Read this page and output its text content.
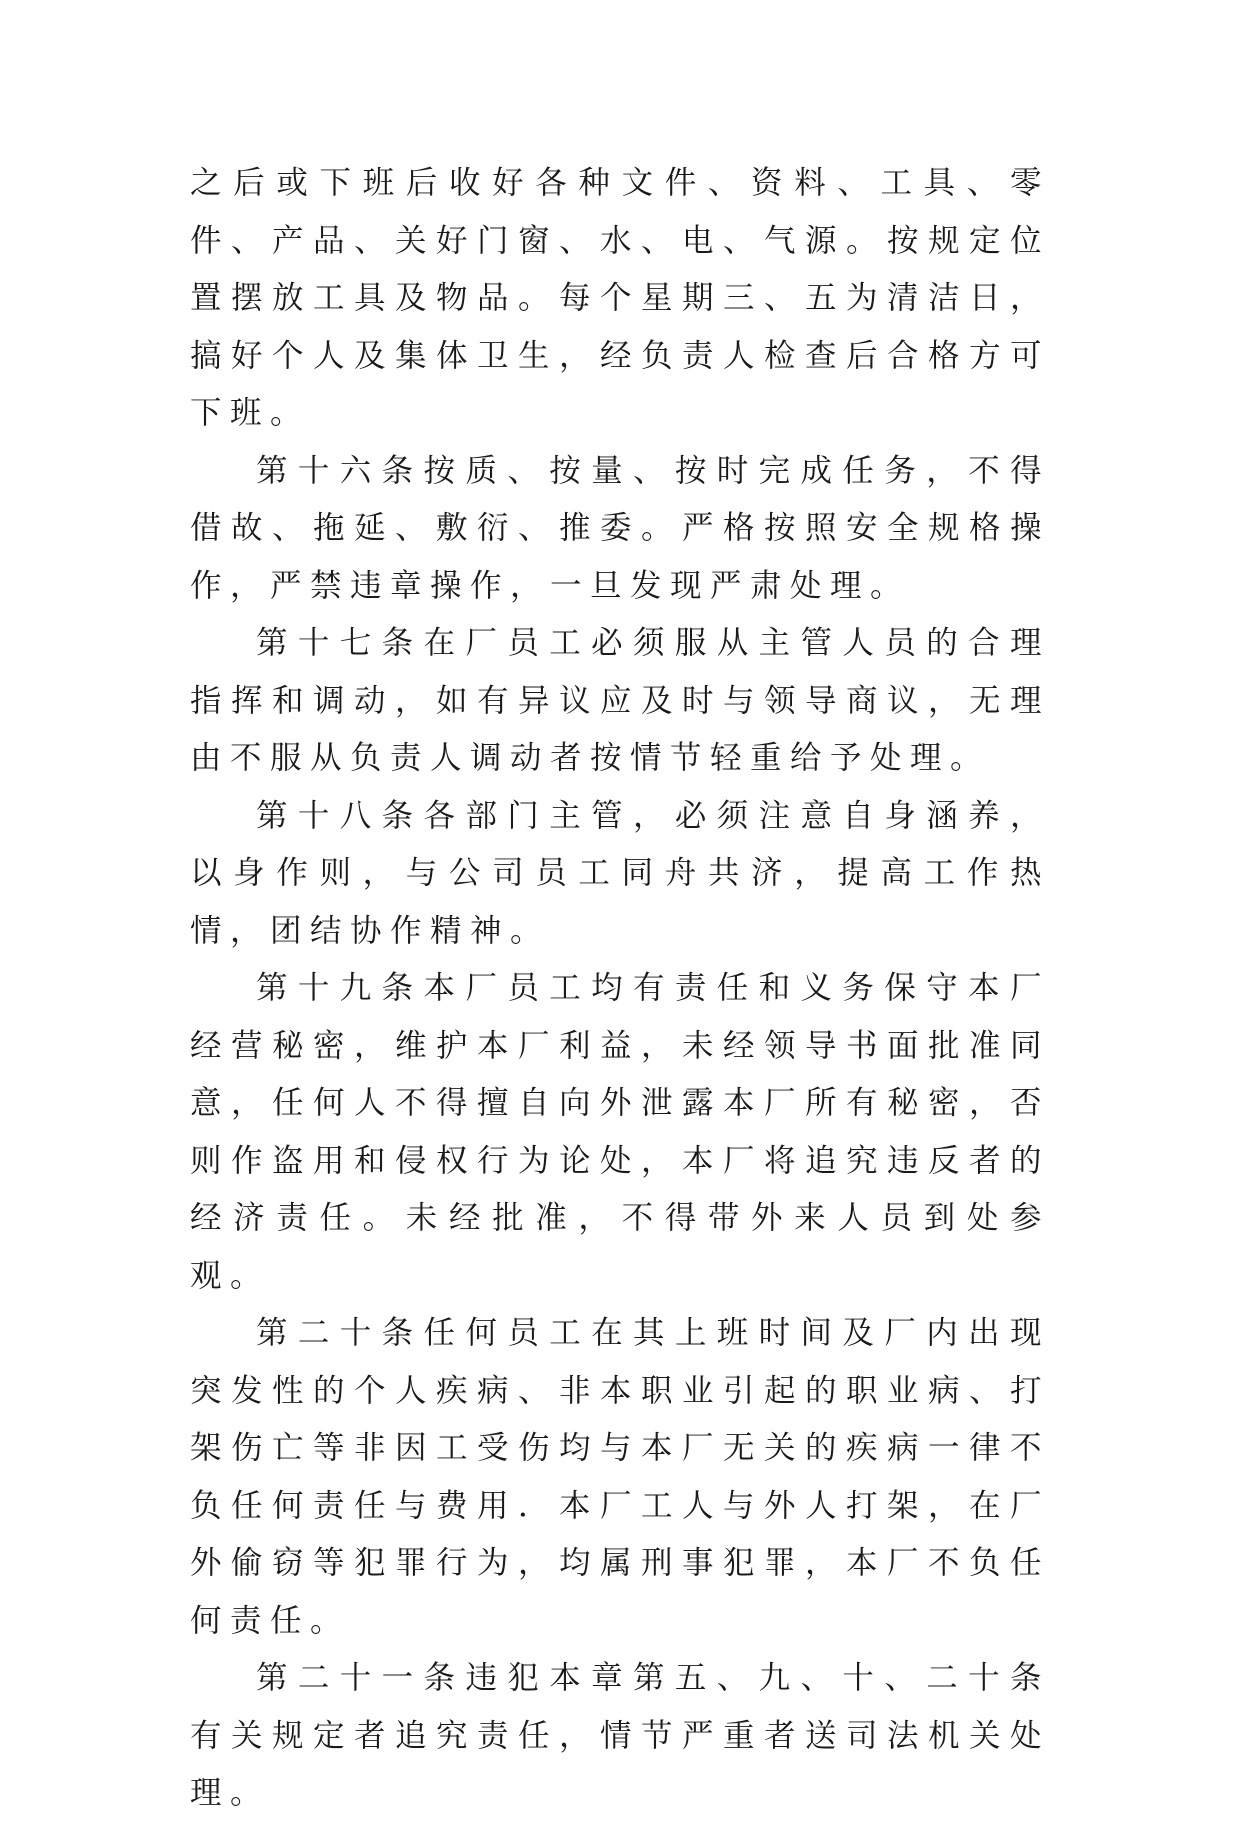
之后或下班后收好各种文件、资料、工具、零件、产品、关好门窗、水、电、气源。按规定位置摆放工具及物品。每个星期三、五为清洁日，搞好个人及集体卫生，经负责人检查后合格方可下班。

第十六条按质、按量、按时完成任务，不得借故、拖延、敷衍、推委。严格按照安全规格操作，严禁违章操作，一旦发现严肃处理。

第十七条在厂员工必须服从主管人员的合理指挥和调动，如有异议应及时与领导商议，无理由不服从负责人调动者按情节轻重给予处理。

第十八条各部门主管，必须注意自身涵养，以身作则，与公司员工同舟共济，提高工作热情，团结协作精神。

第十九条本厂员工均有责任和义务保守本厂经营秘密，维护本厂利益，未经领导书面批准同意，任何人不得擅自向外泄露本厂所有秘密，否则作盗用和侵权行为论处，本厂将追究违反者的经济责任。未经批准，不得带外来人员到处参观。

第二十条任何员工在其上班时间及厂内出现突发性的个人疾病、非本职业引起的职业病、打架伤亡等非因工受伤均与本厂无关的疾病一律不负任何责任与费用．本厂工人与外人打架，在厂外偷窃等犯罪行为，均属刑事犯罪，本厂不负任何责任。

第二十一条违犯本章第五、九、十、二十条有关规定者追究责任，情节严重者送司法机关处理。
